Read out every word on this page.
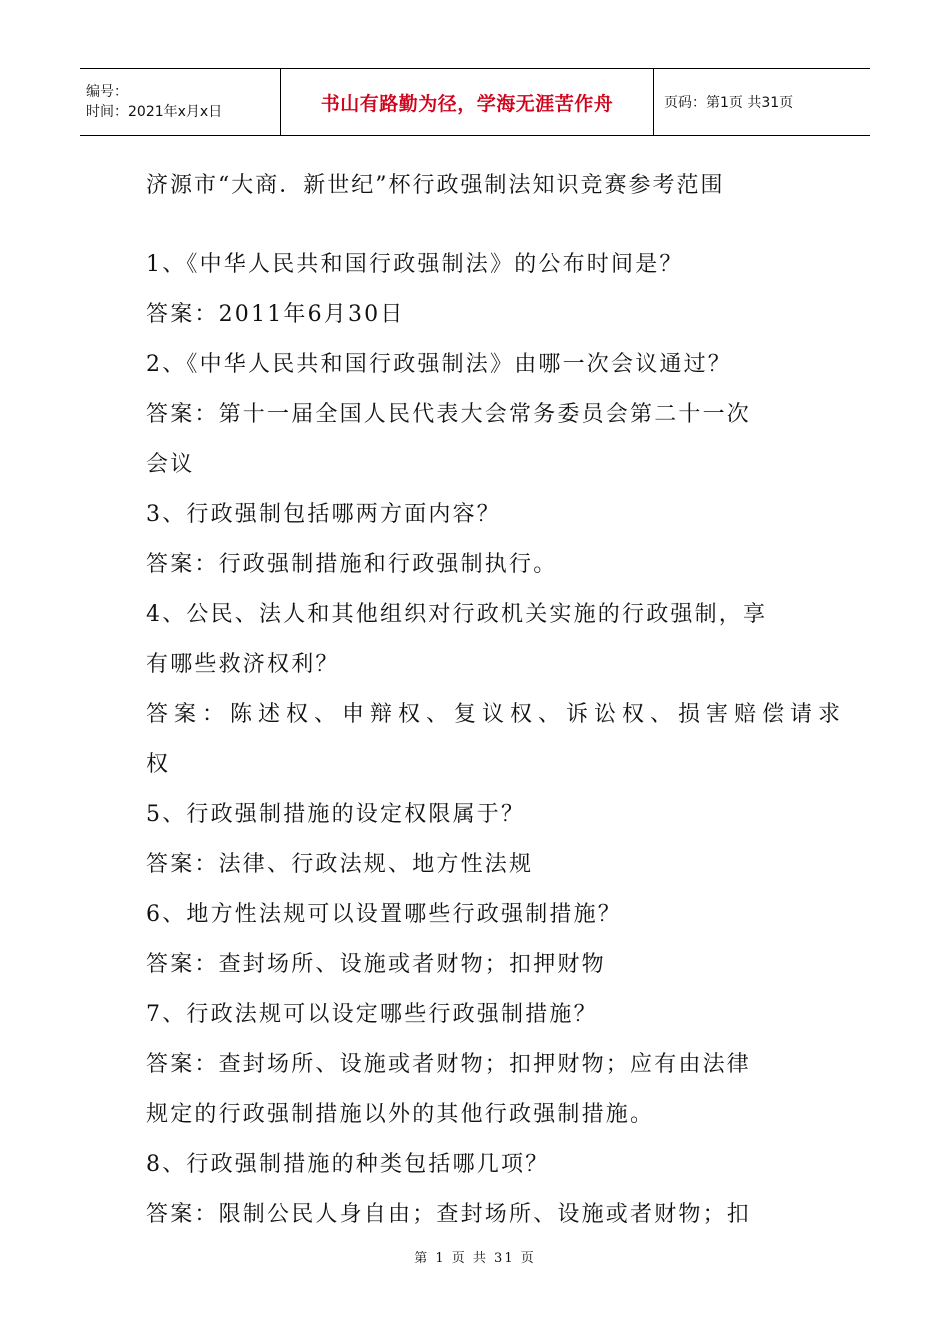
编号：
时间：2021年x月x日	书山有路勤为径，学海无涯苦作舟	页码：第1页 共31页
济源市“大商．新世纪”杯行政强制法知识竞赛参考范围
1、《中华人民共和国行政强制法》的公布时间是？
答案：2011年6月30日
2、《中华人民共和国行政强制法》由哪一次会议通过？
答案：第十一届全国人民代表大会常务委员会第二十一次
会议
3、行政强制包括哪两方面内容？
答案：行政强制措施和行政强制执行。
4、公民、法人和其他组织对行政机关实施的行政强制，享
有哪些救济权利？
答案：陈述权、申辩权、复议权、诉讼权、损害赔偿请求
权
5、行政强制措施的设定权限属于？
答案：法律、行政法规、地方性法规
6、地方性法规可以设置哪些行政强制措施？
答案：查封场所、设施或者财物；扣押财物
7、行政法规可以设定哪些行政强制措施？
答案：查封场所、设施或者财物；扣押财物；应有由法律
规定的行政强制措施以外的其他行政强制措施。
8、行政强制措施的种类包括哪几项？
答案：限制公民人身自由；查封场所、设施或者财物；扣
第 1 页 共 31 页
